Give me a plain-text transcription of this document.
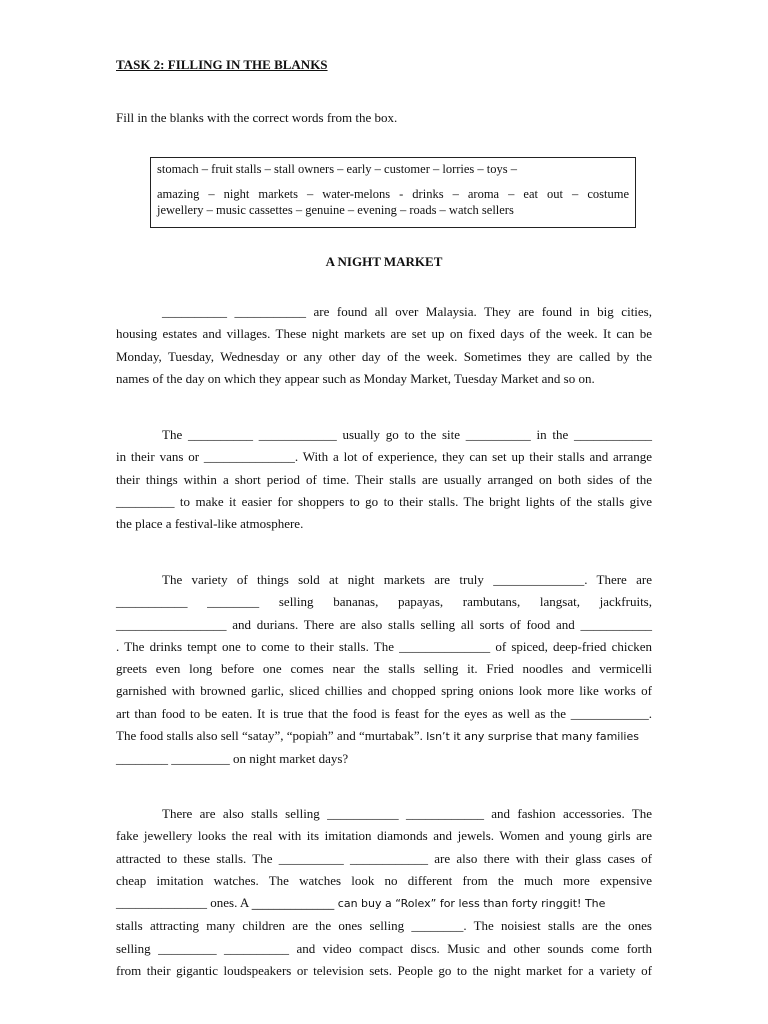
TASK 2: FILLING IN THE BLANKS
Fill in the blanks with the correct words from the box.
stomach – fruit stalls – stall owners – early – customer – lorries – toys –
amazing – night markets – water-melons - drinks – aroma – eat out – costume
jewellery – music cassettes – genuine – evening – roads – watch sellers
A NIGHT MARKET
__________ ___________ are found all over Malaysia. They are found in big cities,
housing estates and villages. These night markets are set up on fixed days of the week. It can be
Monday, Tuesday, Wednesday or any other day of the week. Sometimes they are called by the
names of the day on which they appear such as Monday Market, Tuesday Market and so on.
The __________ ____________ usually go to the site __________ in the ____________
in their vans or ______________. With a lot of experience, they can set up their stalls and arrange
their things within a short period of time. Their stalls are usually arranged on both sides of the
_________ to make it easier for shoppers to go to their stalls. The bright lights of the stalls give
the place a festival-like atmosphere.
The variety of things sold at night markets are truly ______________. There are
___________ ________ selling bananas, papayas, rambutans, langsat, jackfruits,
_________________ and durians. There are also stalls selling all sorts of food and ___________
. The drinks tempt one to come to their stalls. The ______________ of spiced, deep-fried chicken
greets even long before one comes near the stalls selling it. Fried noodles and vermicelli
garnished with browned garlic, sliced chillies and chopped spring onions look more like works of
art than food to be eaten. It is true that the food is feast for the eyes as well as the ____________.
The food stalls also sell “satay”, “popiah” and “murtabak”. Isn’t it any surprise that many families
________ _________ on night market days?
There are also stalls selling ___________ ____________ and fashion accessories. The
fake jewellery looks the real with its imitation diamonds and jewels. Women and young girls are
attracted to these stalls. The __________ ____________ are also there with their glass cases of
cheap imitation watches. The watches look no different from the much more expensive
______________ ones. A _______________ can buy a “Rolex” for less than forty ringgit! The
stalls attracting many children are the ones selling ________. The noisiest stalls are the ones
selling _________ __________ and video compact discs. Music and other sounds come forth
from their gigantic loudspeakers or television sets. People go to the night market for a variety of
